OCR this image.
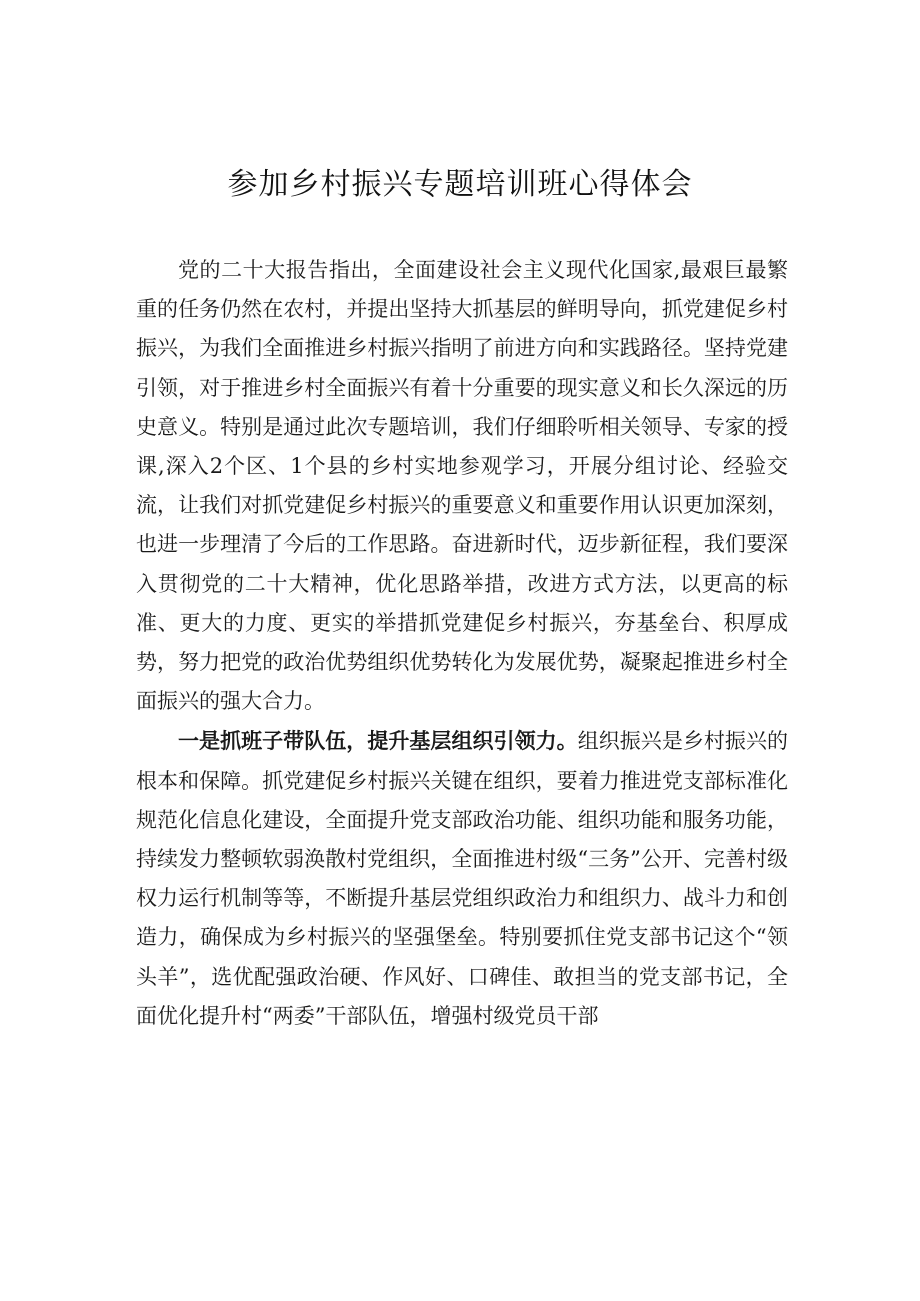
参加乡村振兴专题培训班心得体会

党的二十大报告指出，全面建设社会主义现代化国家,最艰巨最繁重的任务仍然在农村，并提出坚持大抓基层的鲜明导向，抓党建促乡村振兴，为我们全面推进乡村振兴指明了前进方向和实践路径。坚持党建引领，对于推进乡村全面振兴有着十分重要的现实意义和长久深远的历史意义。特别是通过此次专题培训，我们仔细聆听相关领导、专家的授课,深入2个区、1个县的乡村实地参观学习，开展分组讨论、经验交流，让我们对抓党建促乡村振兴的重要意义和重要作用认识更加深刻，也进一步理清了今后的工作思路。奋进新时代，迈步新征程，我们要深入贯彻党的二十大精神，优化思路举措，改进方式方法，以更高的标准、更大的力度、更实的举措抓党建促乡村振兴，夯基垒台、积厚成势，努力把党的政治优势组织优势转化为发展优势，凝聚起推进乡村全面振兴的强大合力。

一是抓班子带队伍，提升基层组织引领力。组织振兴是乡村振兴的根本和保障。抓党建促乡村振兴关键在组织，要着力推进党支部标准化规范化信息化建设，全面提升党支部政治功能、组织功能和服务功能，持续发力整顿软弱涣散村党组织，全面推进村级“三务”公开、完善村级权力运行机制等等，不断提升基层党组织政治力和组织力、战斗力和创造力，确保成为乡村振兴的坚强堡垒。特别要抓住党支部书记这个“领头羊”，选优配强政治硬、作风好、口碑佳、敢担当的党支部书记，全面优化提升村“两委”干部队伍，增强村级党员干部
